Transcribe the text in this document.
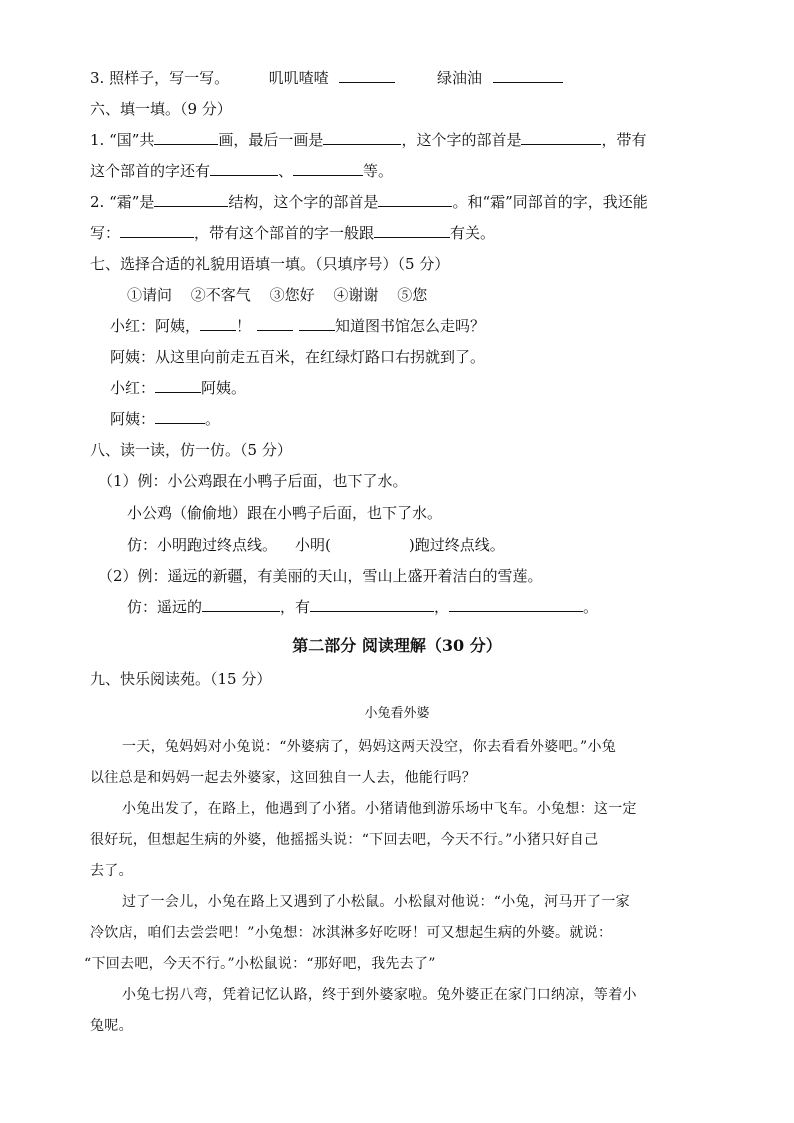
3. 照样子，写一写。	叽叽喳喳	绿油油
六、填一填。（9 分）
1. “国”共	画，最后一画是	，这个字的部首是	，带有
这个部首的字还有	、	等。
2. “霜”是	结构，这个字的部首是	。和“霜”同部首的字，我还能
写：	，带有这个部首的字一般跟	有关。
七、选择合适的礼貌用语填一填。（只填序号）（5 分）
①请问 ②不客气 ③您好 ④谢谢 ⑤您
小红：阿姨， ！	知道图书馆怎么走吗？
阿姨：从这里向前走五百米，在红绿灯路口右拐就到了。
小红：	阿姨。
阿姨：	。
八、读一读，仿一仿。（5 分）
（1）例：小公鸡跟在小鸭子后面，也下了水。
小公鸡（偷偷地）跟在小鸭子后面，也下了水。
仿：小明跑过终点线。 小明(	)跑过终点线。
（2）例：遥远的新疆，有美丽的天山，雪山上盛开着洁白的雪莲。
仿：遥远的	，有	，	。
第二部分 阅读理解（30 分）
九、快乐阅读苑。（15 分）
小兔看外婆
一天，兔妈妈对小兔说：“外婆病了，妈妈这两天没空，你去看看外婆吧。”小兔
以往总是和妈妈一起去外婆家，这回独自一人去，他能行吗？
小兔出发了，在路上，他遇到了小猪。小猪请他到游乐场中飞车。小兔想：这一定
很好玩，但想起生病的外婆，他摇摇头说：“下回去吧，今天不行。”小猪只好自己
去了。
过了一会儿，小兔在路上又遇到了小松鼠。小松鼠对他说：“小兔，河马开了一家
冷饮店，咱们去尝尝吧！”小兔想：冰淇淋多好吃呀！可又想起生病的外婆。就说：
“下回去吧，今天不行。”小松鼠说：“那好吧，我先去了”
小兔七拐八弯，凭着记忆认路，终于到外婆家啦。兔外婆正在家门口纳凉，等着小
兔呢。
